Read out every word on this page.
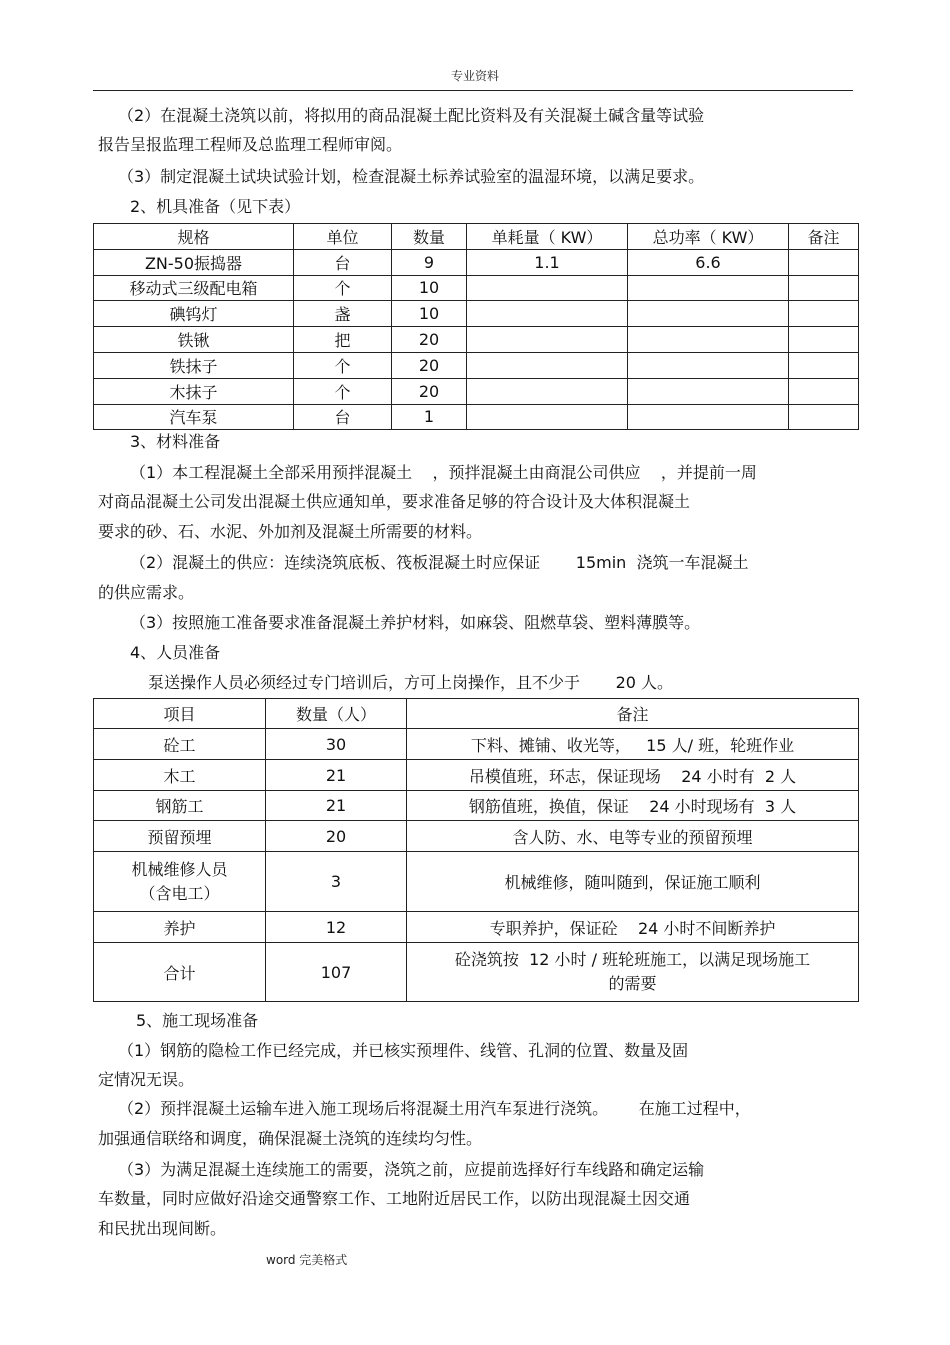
专业资料
（2）在混凝土浇筑以前，将拟用的商品混凝土配比资料及有关混凝土碱含量等试验
报告呈报监理工程师及总监理工程师审阅。
（3）制定混凝土试块试验计划，检查混凝土标养试验室的温湿环境，以满足要求。
2、机具准备（见下表）
规格	单位	数量	单耗量（ KW）	总功率（ KW）	备注
ZN-50振捣器	台	9	1.1	6.6	
移动式三级配电箱	个	10			
碘钨灯	盏	10			
铁锹	把	20			
铁抹子	个	20			
木抹子	个	20			
汽车泵	台	1			
3、材料准备
（1）本工程混凝土全部采用预拌混凝土    ，预拌混凝土由商混公司供应    ，并提前一周
对商品混凝土公司发出混凝土供应通知单，要求准备足够的符合设计及大体积混凝土
要求的砂、石、水泥、外加剂及混凝土所需要的材料。
（2）混凝土的供应：连续浇筑底板、筏板混凝土时应保证       15min  浇筑一车混凝土
的供应需求。
（3）按照施工准备要求准备混凝土养护材料，如麻袋、阻燃草袋、塑料薄膜等。
4、人员准备
泵送操作人员必须经过专门培训后，方可上岗操作，且不少于       20 人。
项目	数量（人）	备注
砼工	30	下料、摊铺、收光等，   15 人/ 班，轮班作业
木工	21	吊模值班，环志，保证现场    24 小时有  2 人
钢筋工	21	钢筋值班，换值，保证    24 小时现场有  3 人
预留预埋	20	含人防、水、电等专业的预留预埋

机械维修人员
（含电工）	3	机械维修，随叫随到，保证施工顺利
养护	12	专职养护，保证砼    24 小时不间断养护
合计	107	砼浇筑按  12 小时 / 班轮班施工，以满足现场施工
的需要
5、施工现场准备
（1）钢筋的隐检工作已经完成，并已核实预埋件、线管、孔洞的位置、数量及固
定情况无误。
（2）预拌混凝土运输车进入施工现场后将混凝土用汽车泵进行浇筑。      在施工过程中，
加强通信联络和调度，确保混凝土浇筑的连续均匀性。
（3）为满足混凝土连续施工的需要，浇筑之前，应提前选择好行车线路和确定运输
车数量，同时应做好沿途交通警察工作、工地附近居民工作，以防出现混凝土因交通
和民扰出现间断。
word 完美格式
